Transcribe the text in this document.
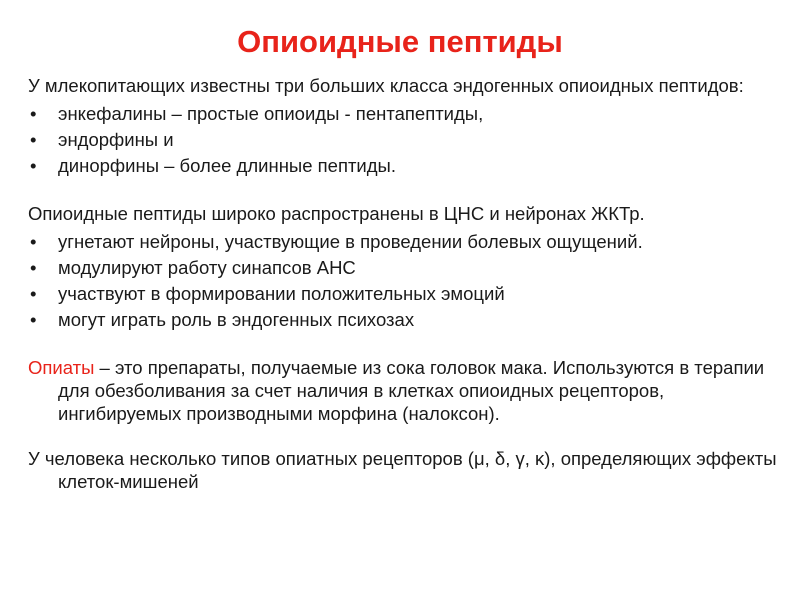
Опиоидные пептиды

У млекопитающих известны три больших класса эндогенных опиоидных пептидов:

• энкефалины – простые опиоиды - пентапептиды,
• эндорфины и
• динорфины – более длинные пептиды.

Опиоидные пептиды широко распространены в ЦНС и нейронах ЖКТр.

• угнетают нейроны, участвующие в проведении болевых ощущений.
• модулируют работу синапсов АНС
• участвуют в формировании положительных эмоций
• могут играть роль в эндогенных психозах

Опиаты – это препараты, получаемые из сока головок мака. Используются в терапии для обезболивания за счет наличия в клетках опиоидных рецепторов, ингибируемых производными морфина (налоксон).

У человека несколько типов опиатных рецепторов (μ, δ, γ, κ), определяющих эффекты клеток-мишеней
